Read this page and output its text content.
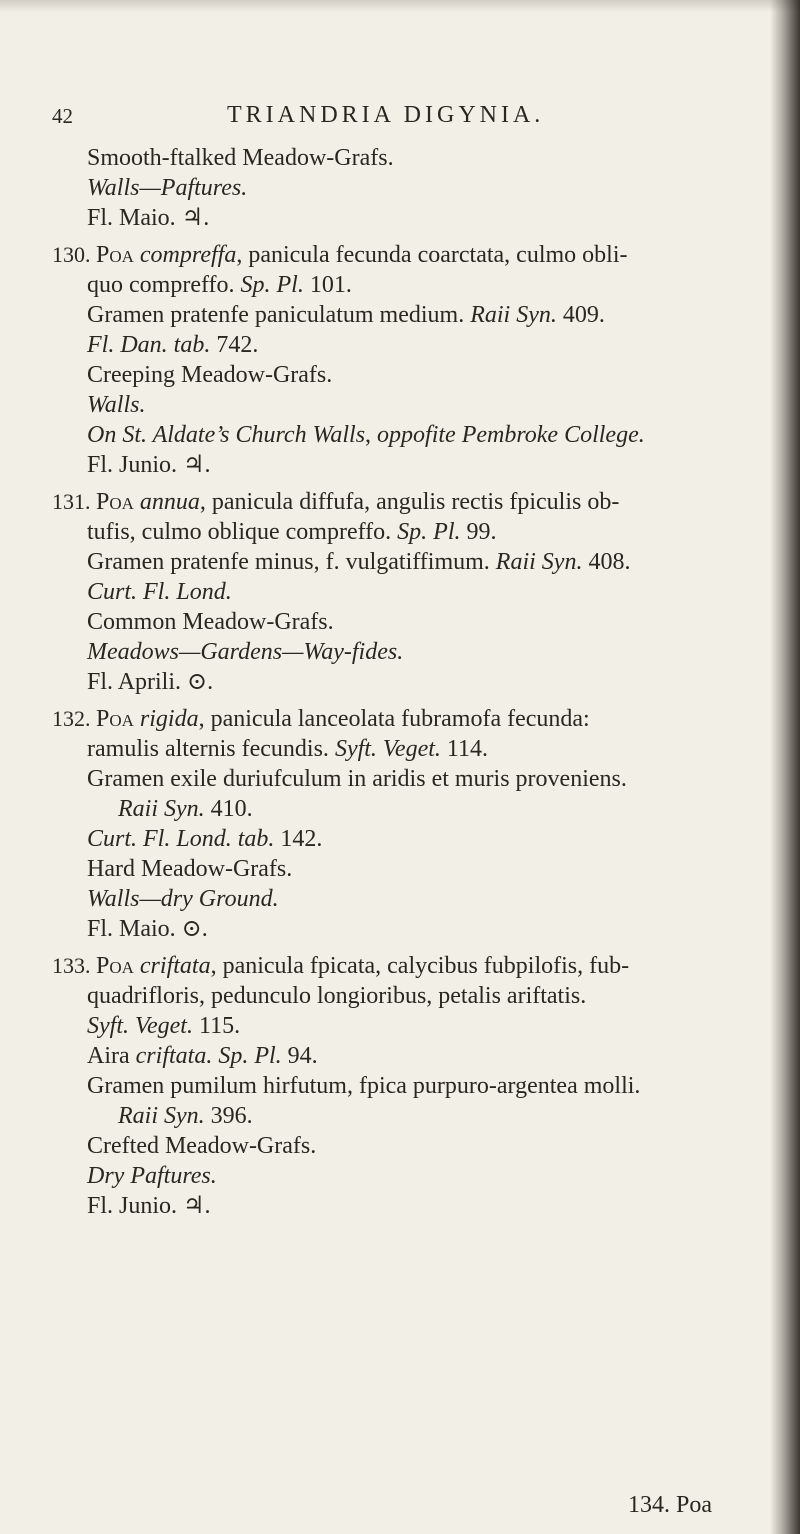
42	TRIANDRIA DIGYNIA.
Smooth-ftalked Meadow-Grafs.
Walls—Paftures.
Fl. Maio. ♃.
130. Poa compreffa, panicula fecunda coarctata, culmo obli-
quo compreffo. Sp. Pl. 101.
Gramen pratenfe paniculatum medium. Raii Syn. 409.
Fl. Dan. tab. 742.
Creeping Meadow-Grafs.
Walls.
On St. Aldate’s Church Walls, oppofite Pembroke College.
Fl. Junio. ♃.
131. Poa annua, panicula diffufa, angulis rectis fpiculis ob-
tufis, culmo oblique compreffo. Sp. Pl. 99.
Gramen pratenfe minus, f. vulgatiffimum. Raii Syn. 408.
Curt. Fl. Lond.
Common Meadow-Grafs.
Meadows—Gardens—Way-fides.
Fl. Aprili. ⊙.
132. Poa rigida, panicula lanceolata fubramofa fecunda:
ramulis alternis fecundis. Syft. Veget. 114.
Gramen exile duriufculum in aridis et muris proveniens.
Raii Syn. 410.
Curt. Fl. Lond. tab. 142.
Hard Meadow-Grafs.
Walls—dry Ground.
Fl. Maio. ⊙.
133. Poa criftata, panicula fpicata, calycibus fubpilofis, fub-
quadrifloris, pedunculo longioribus, petalis ariftatis.
Syft. Veget. 115.
Aira criftata. Sp. Pl. 94.
Gramen pumilum hirfutum, fpica purpuro-argentea molli.
Raii Syn. 396.
Crefted Meadow-Grafs.
Dry Paftures.
Fl. Junio. ♃.
134. Poa
